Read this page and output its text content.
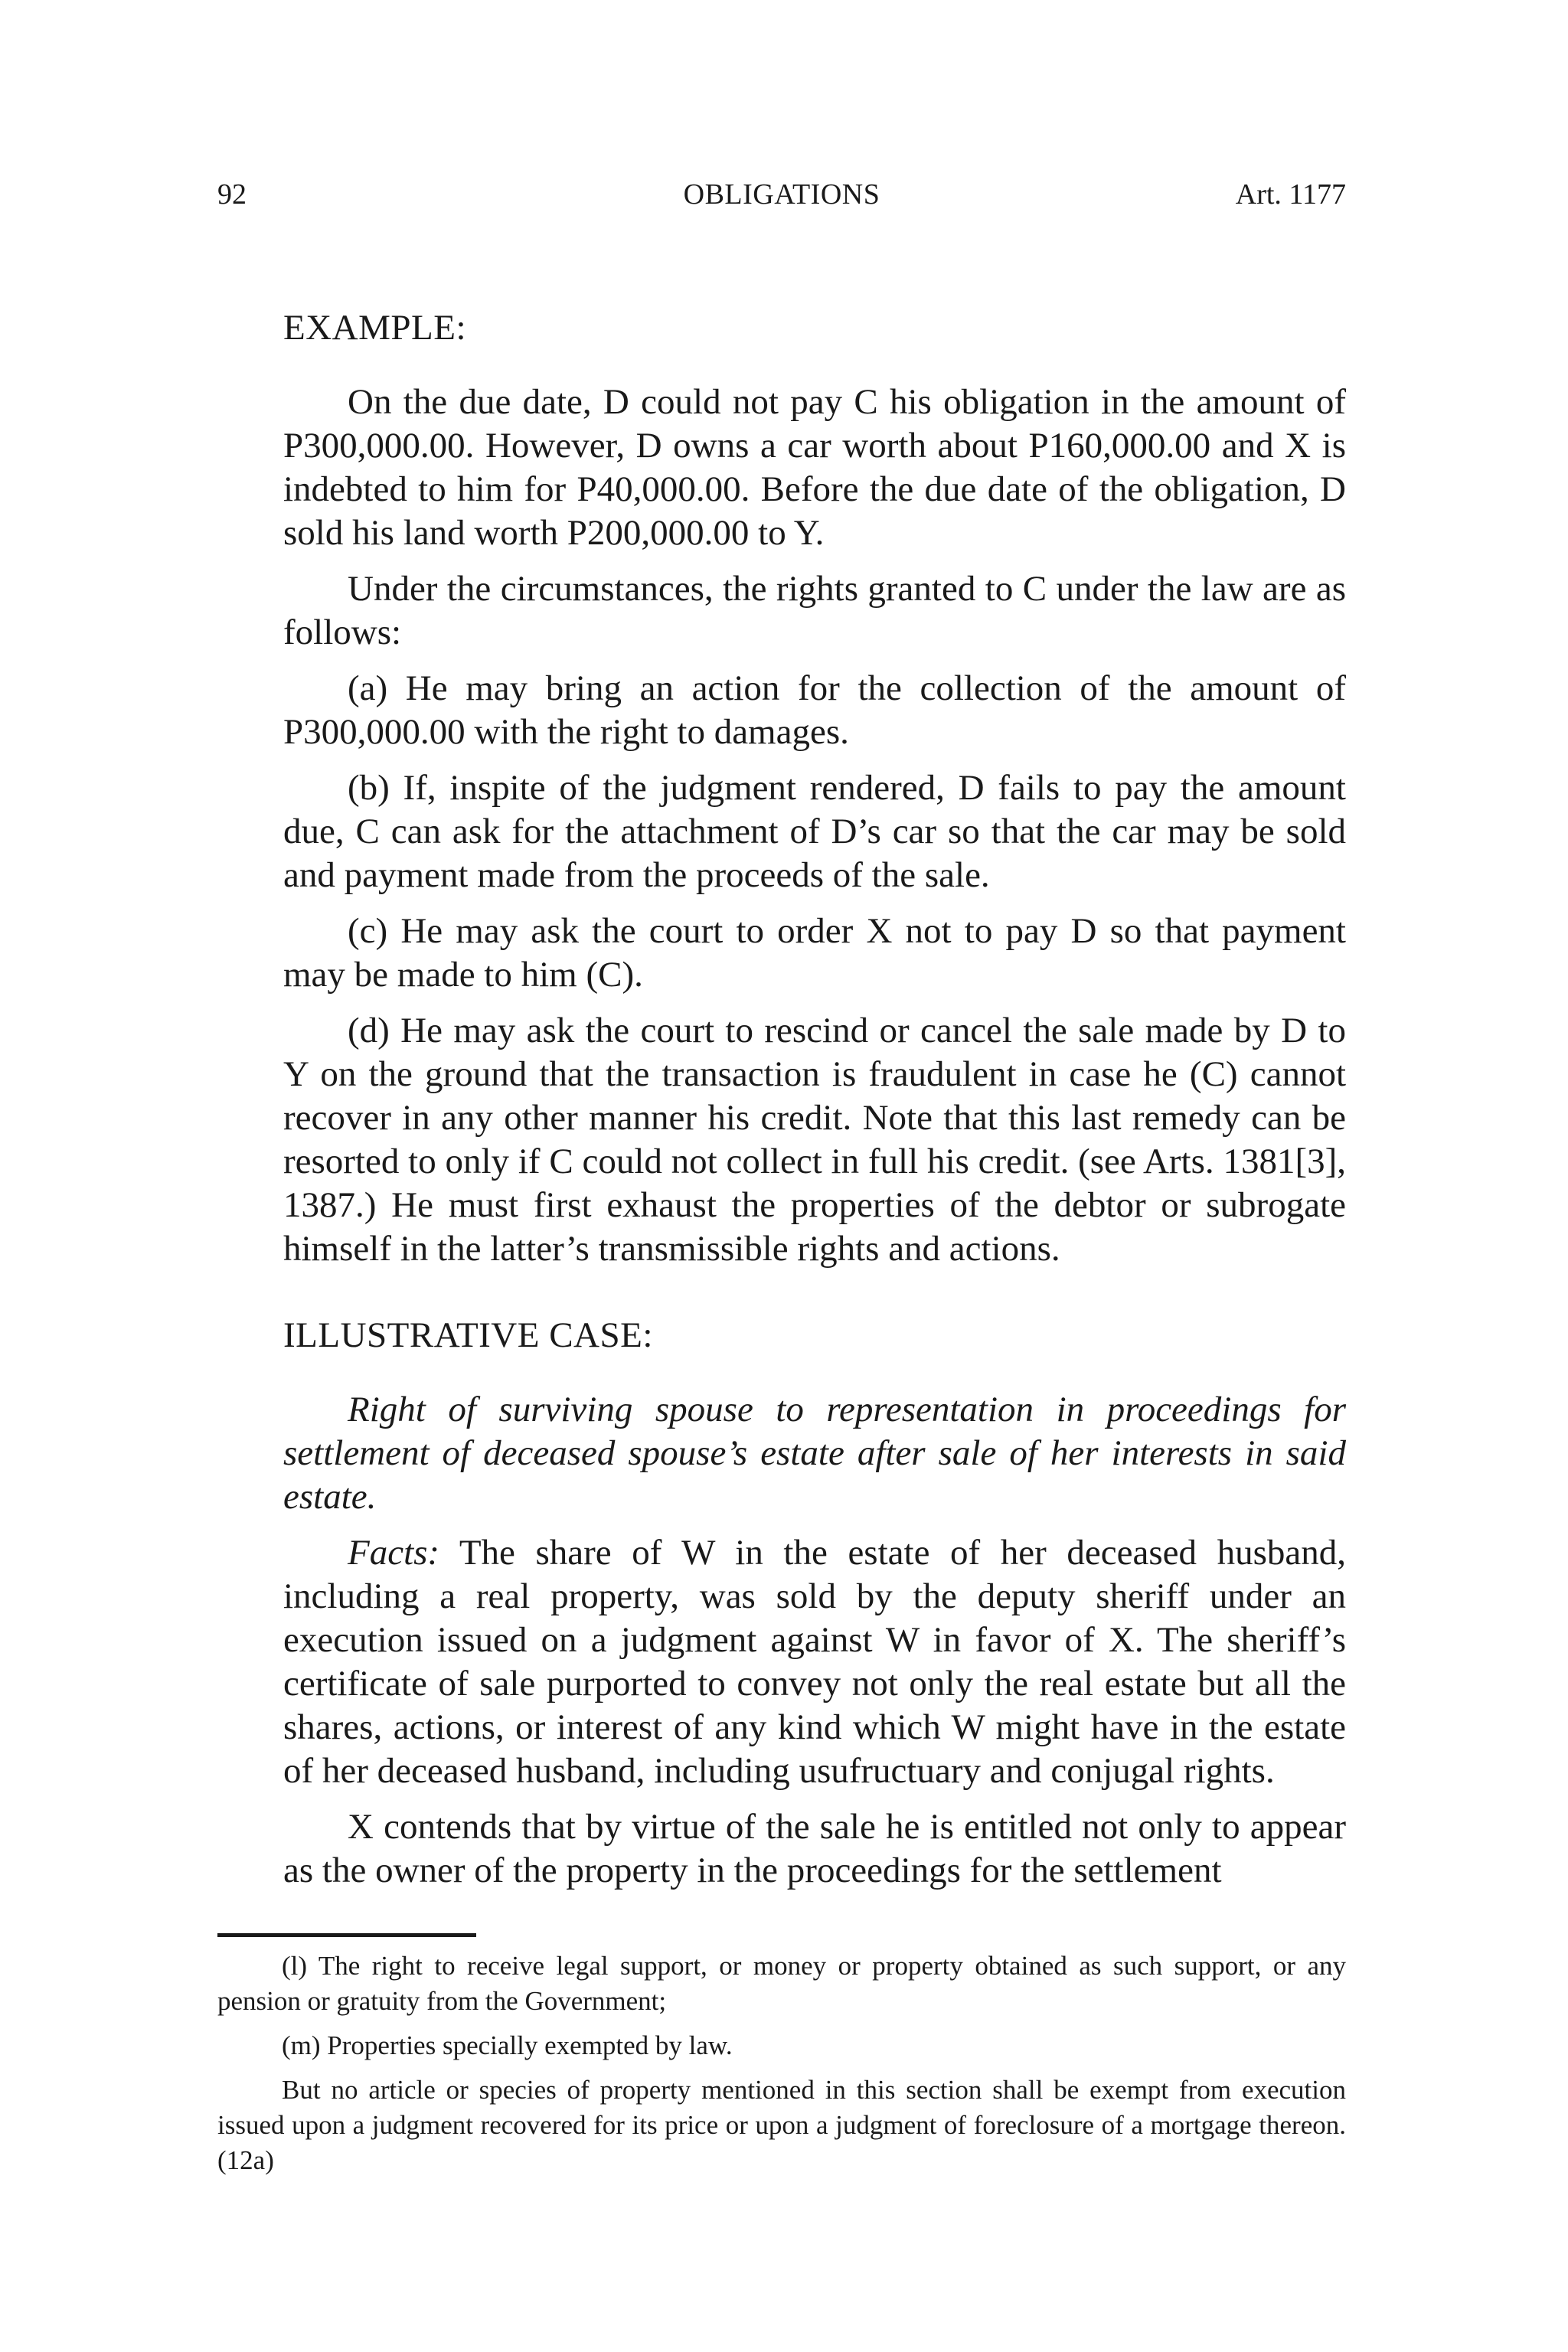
92	OBLIGATIONS	Art. 1177

EXAMPLE:

On the due date, D could not pay C his obligation in the amount of P300,000.00. However, D owns a car worth about P160,000.00 and X is indebted to him for P40,000.00. Before the due date of the obligation, D sold his land worth P200,000.00 to Y.

Under the circumstances, the rights granted to C under the law are as follows:

(a) He may bring an action for the collection of the amount of P300,000.00 with the right to damages.

(b) If, inspite of the judgment rendered, D fails to pay the amount due, C can ask for the attachment of D’s car so that the car may be sold and payment made from the proceeds of the sale.

(c) He may ask the court to order X not to pay D so that payment may be made to him (C).

(d) He may ask the court to rescind or cancel the sale made by D to Y on the ground that the transaction is fraudulent in case he (C) cannot recover in any other manner his credit. Note that this last remedy can be resorted to only if C could not collect in full his credit. (see Arts. 1381[3], 1387.) He must first exhaust the properties of the debtor or subrogate himself in the latter’s transmissible rights and actions.

ILLUSTRATIVE CASE:

Right of surviving spouse to representation in proceedings for settlement of deceased spouse’s estate after sale of her interests in said estate.

Facts: The share of W in the estate of her deceased husband, including a real property, was sold by the deputy sheriff under an execution issued on a judgment against W in favor of X. The sheriff’s certificate of sale purported to convey not only the real estate but all the shares, actions, or interest of any kind which W might have in the estate of her deceased husband, including usufructuary and conjugal rights.

X contends that by virtue of the sale he is entitled not only to appear as the owner of the property in the proceedings for the settlement

(l) The right to receive legal support, or money or property obtained as such support, or any pension or gratuity from the Government;

(m) Properties specially exempted by law.

But no article or species of property mentioned in this section shall be exempt from execution issued upon a judgment recovered for its price or upon a judgment of foreclosure of a mortgage thereon. (12a)
